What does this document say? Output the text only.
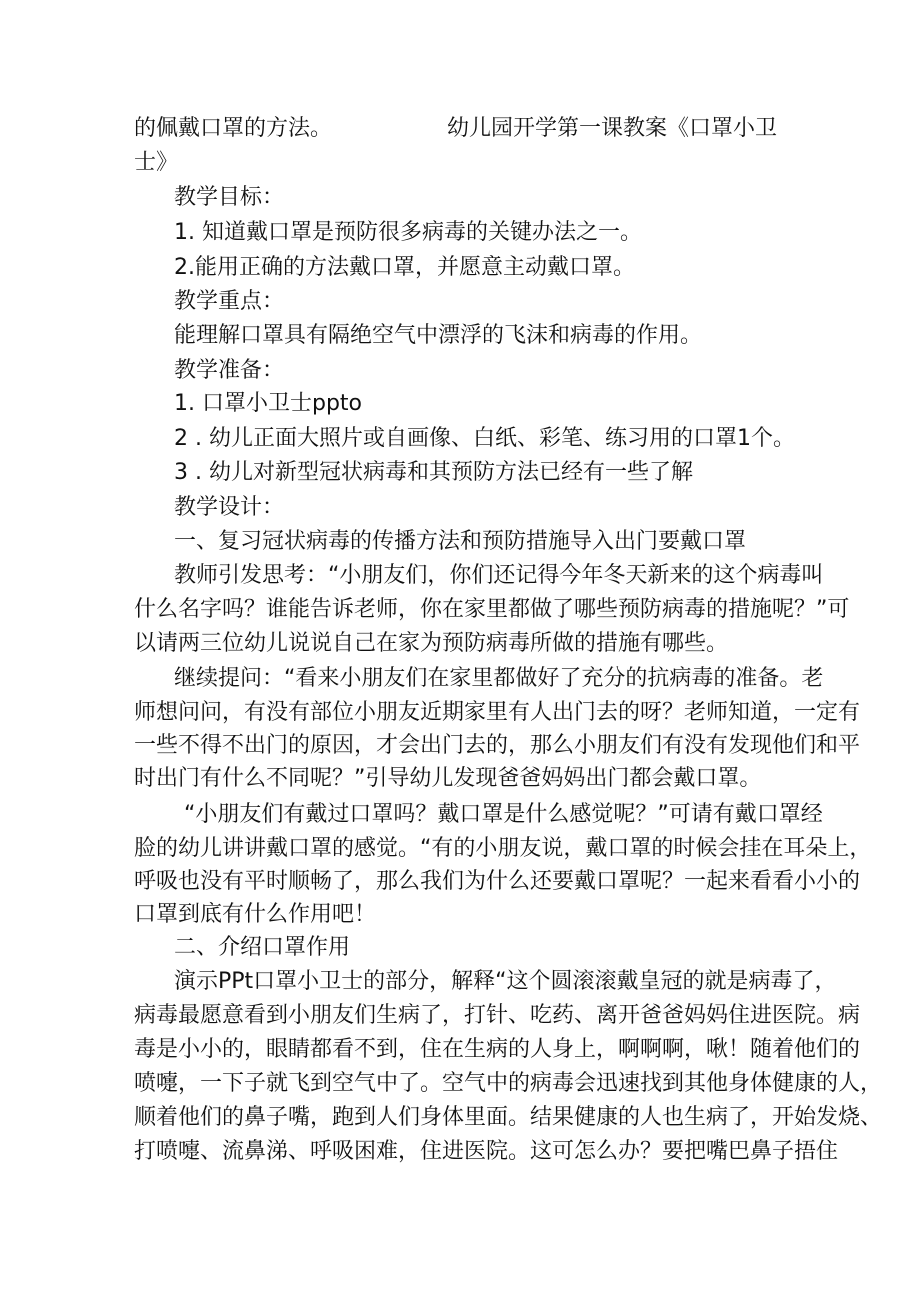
的佩戴口罩的方法。	幼儿园开学第一课教案《口罩小卫
士》
教学目标：
1. 知道戴口罩是预防很多病毒的关键办法之一。
2.能用正确的方法戴口罩，并愿意主动戴口罩。
教学重点：
能理解口罩具有隔绝空气中漂浮的飞沫和病毒的作用。
教学准备：
1. 口罩小卫士ppto
2 . 幼儿正面大照片或自画像、白纸、彩笔、练习用的口罩1个。
3 . 幼儿对新型冠状病毒和其预防方法已经有一些了解
教学设计：
一、复习冠状病毒的传播方法和预防措施导入出门要戴口罩
教师引发思考：“小朋友们，你们还记得今年冬天新来的这个病毒叫
什么名字吗？谁能告诉老师，你在家里都做了哪些预防病毒的措施呢？”可
以请两三位幼儿说说自己在家为预防病毒所做的措施有哪些。
继续提问：“看来小朋友们在家里都做好了充分的抗病毒的准备。老
师想问问，有没有部位小朋友近期家里有人出门去的呀？老师知道，一定有
一些不得不出门的原因，才会出门去的，那么小朋友们有没有发现他们和平
时出门有什么不同呢？”引导幼儿发现爸爸妈妈出门都会戴口罩。
“小朋友们有戴过口罩吗？戴口罩是什么感觉呢？”可请有戴口罩经
脸的幼儿讲讲戴口罩的感觉。“有的小朋友说，戴口罩的时候会挂在耳朵上，
呼吸也没有平时顺畅了，那么我们为什么还要戴口罩呢？一起来看看小小的
口罩到底有什么作用吧！
二、介绍口罩作用
演示PPt口罩小卫士的部分，解释“这个圆滚滚戴皇冠的就是病毒了，
病毒最愿意看到小朋友们生病了，打针、吃药、离开爸爸妈妈住进医院。病
毒是小小的，眼睛都看不到，住在生病的人身上，啊啊啊，啾！随着他们的
喷嚏，一下子就飞到空气中了。空气中的病毒会迅速找到其他身体健康的人，
顺着他们的鼻子嘴，跑到人们身体里面。结果健康的人也生病了，开始发烧、
打喷嚏、流鼻涕、呼吸困难，住进医院。这可怎么办？要把嘴巴鼻子捂住
